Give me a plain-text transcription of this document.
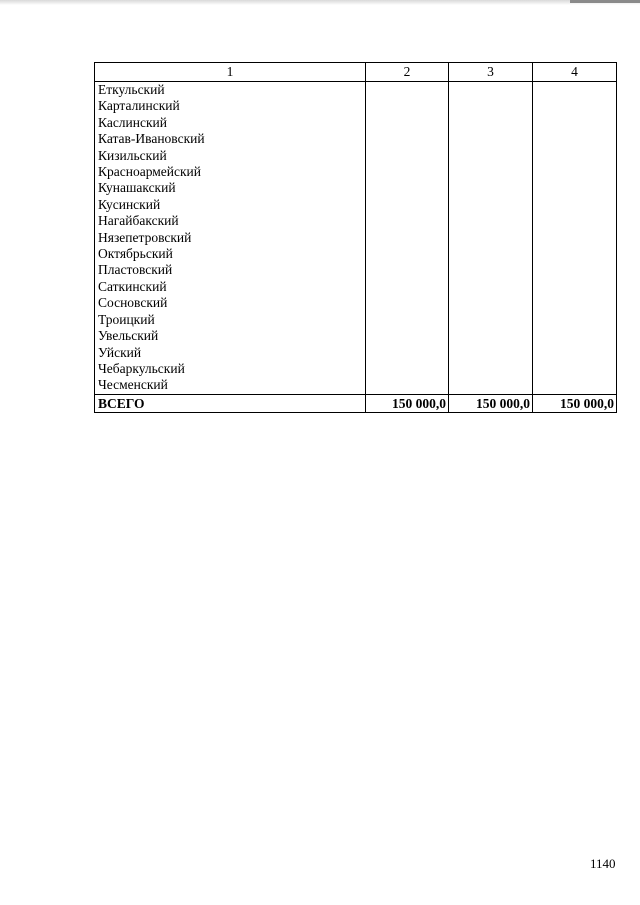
1	2	3	4
Еткульский			
Карталинский			
Каслинский			
Катав-Ивановский			
Кизильский			
Красноармейский			
Кунашакский			
Кусинский			
Нагайбакский			
Нязепетровский			
Октябрьский			
Пластовский			
Саткинский			
Сосновский			
Троицкий			
Увельский			
Уйский			
Чебаркульский			
Чесменский			
ВСЕГО	150 000,0	150 000,0	150 000,0
1140
